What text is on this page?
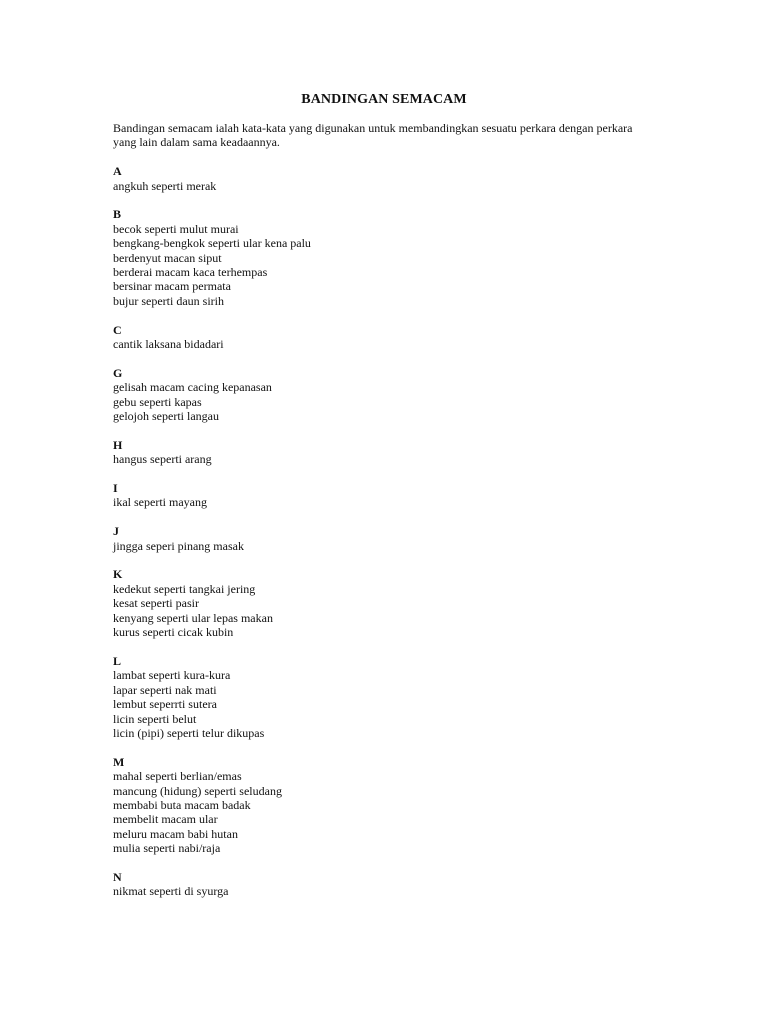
BANDINGAN SEMACAM

Bandingan semacam ialah kata-kata yang digunakan untuk membandingkan sesuatu perkara dengan perkara yang lain dalam sama keadaannya.

A
angkuh seperti merak
B
becok seperti mulut murai
bengkang-bengkok seperti ular kena palu
berdenyut macan siput
berderai macam kaca terhempas
bersinar macam permata
bujur seperti daun sirih
C
cantik laksana bidadari
G
gelisah macam cacing kepanasan
gebu seperti kapas
gelojoh seperti langau
H
hangus seperti arang
I
ikal seperti mayang
J
jingga seperi pinang masak
K
kedekut seperti tangkai jering
kesat seperti pasir
kenyang seperti ular lepas makan
kurus seperti cicak kubin
L
lambat seperti kura-kura
lapar seperti nak mati
lembut seperrti sutera
licin seperti belut
licin (pipi) seperti telur dikupas
M
mahal seperti berlian/emas
mancung (hidung) seperti seludang
membabi buta macam badak
membelit macam ular
meluru macam babi hutan
mulia seperti nabi/raja
N
nikmat seperti di syurga
